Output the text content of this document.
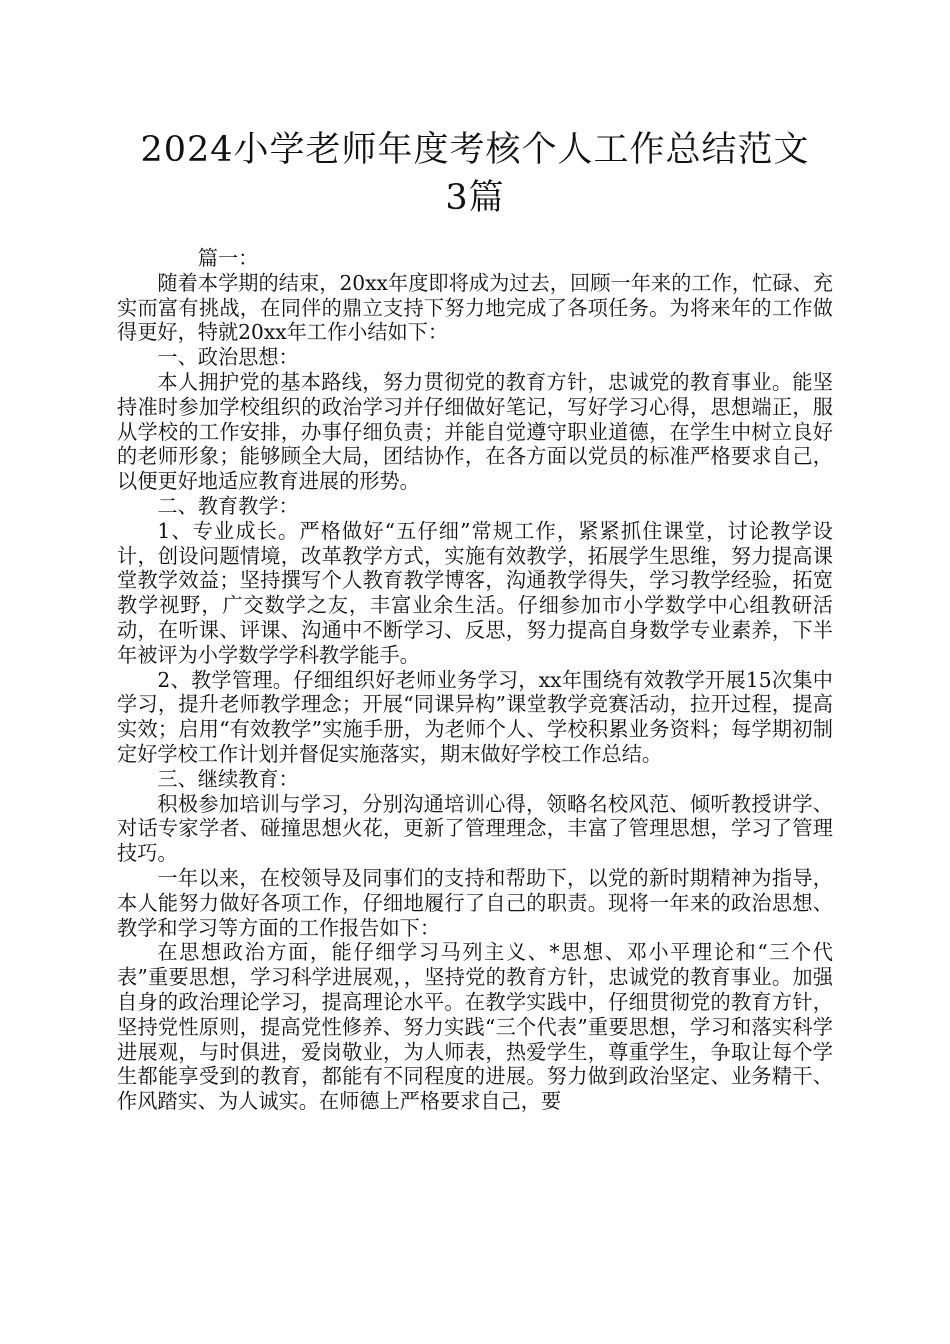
2024小学老师年度考核个人工作总结范文
3篇

篇一：

随着本学期的结束，20xx年度即将成为过去，回顾一年来的工作，忙碌、充实而富有挑战，在同伴的鼎立支持下努力地完成了各项任务。为将来年的工作做得更好，特就20xx年工作小结如下：

一、政治思想：

本人拥护党的基本路线，努力贯彻党的教育方针，忠诚党的教育事业。能坚持准时参加学校组织的政治学习并仔细做好笔记，写好学习心得，思想端正，服从学校的工作安排，办事仔细负责；并能自觉遵守职业道德，在学生中树立良好的老师形象；能够顾全大局，团结协作，在各方面以党员的标准严格要求自己，以便更好地适应教育进展的形势。

二、教育教学：

1、专业成长。严格做好“五仔细”常规工作，紧紧抓住课堂，讨论教学设计，创设问题情境，改革教学方式，实施有效教学，拓展学生思维，努力提高课堂教学效益；坚持撰写个人教育教学博客，沟通教学得失，学习教学经验，拓宽教学视野，广交数学之友，丰富业余生活。仔细参加市小学数学中心组教研活动，在听课、评课、沟通中不断学习、反思，努力提高自身数学专业素养，下半年被评为小学数学学科教学能手。

2、教学管理。仔细组织好老师业务学习，xx年围绕有效教学开展15次集中学习，提升老师教学理念；开展“同课异构”课堂教学竞赛活动，拉开过程，提高实效；启用“有效教学”实施手册，为老师个人、学校积累业务资料；每学期初制定好学校工作计划并督促实施落实，期末做好学校工作总结。

三、继续教育：

积极参加培训与学习，分别沟通培训心得，领略名校风范、倾听教授讲学、对话专家学者、碰撞思想火花，更新了管理理念，丰富了管理思想，学习了管理技巧。

一年以来，在校领导及同事们的支持和帮助下，以党的新时期精神为指导，本人能努力做好各项工作，仔细地履行了自己的职责。现将一年来的政治思想、教学和学习等方面的工作报告如下：

在思想政治方面，能仔细学习马列主义、*思想、邓小平理论和“三个代表”重要思想，学习科学进展观，，坚持党的教育方针，忠诚党的教育事业。加强自身的政治理论学习，提高理论水平。在教学实践中，仔细贯彻党的教育方针，坚持党性原则，提高党性修养、努力实践“三个代表”重要思想，学习和落实科学进展观，与时俱进，爱岗敬业，为人师表，热爱学生，尊重学生，争取让每个学生都能享受到的教育，都能有不同程度的进展。努力做到政治坚定、业务精干、作风踏实、为人诚实。在师德上严格要求自己，要
